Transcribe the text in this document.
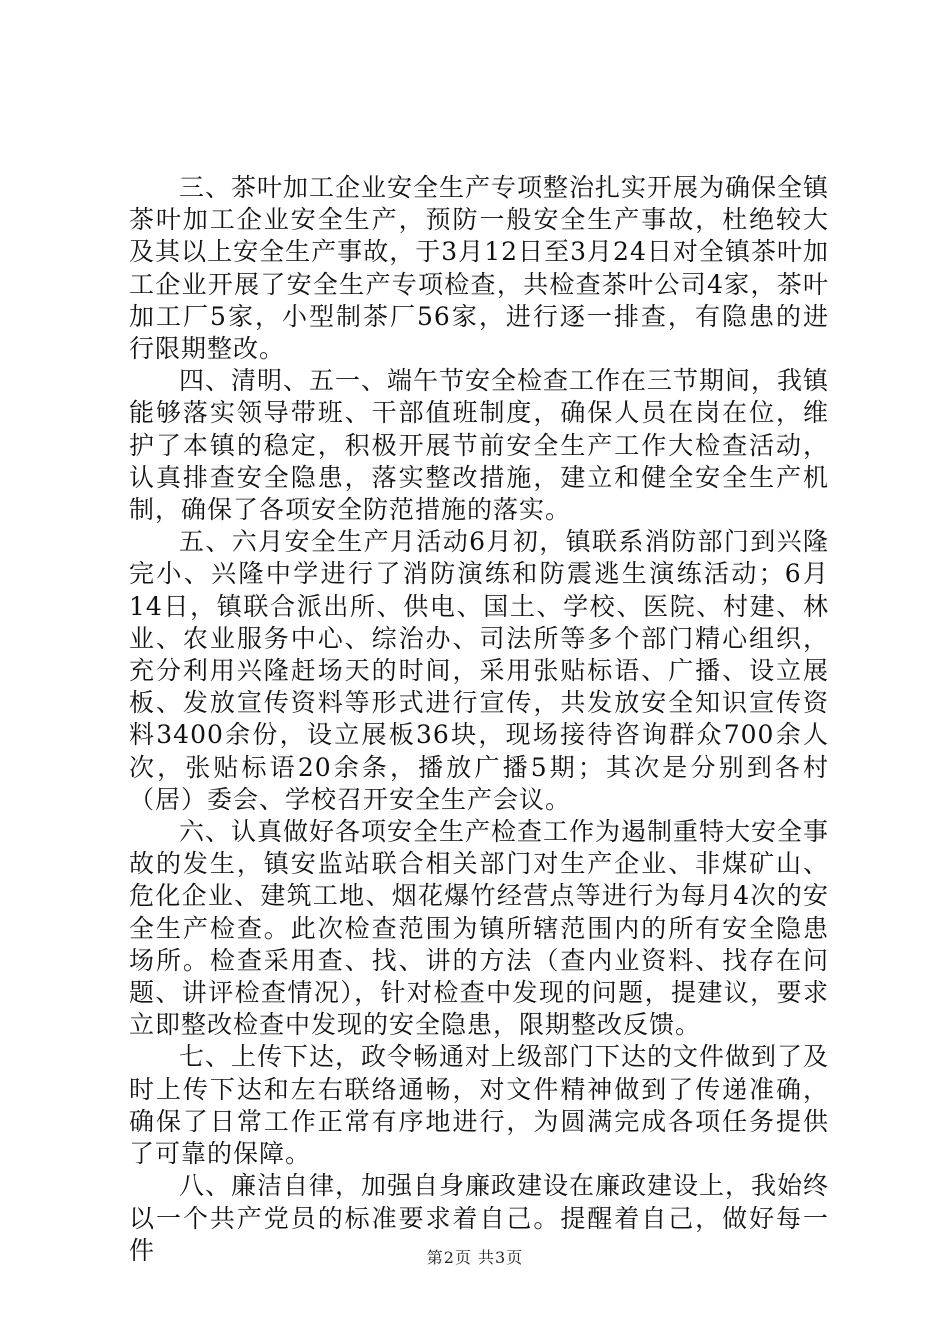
三、茶叶加工企业安全生产专项整治扎实开展为确保全镇茶叶加工企业安全生产，预防一般安全生产事故，杜绝较大及其以上安全生产事故，于3月12日至3月24日对全镇茶叶加工企业开展了安全生产专项检查，共检查茶叶公司4家，茶叶加工厂5家，小型制茶厂56家，进行逐一排查，有隐患的进行限期整改。

四、清明、五一、端午节安全检查工作在三节期间，我镇能够落实领导带班、干部值班制度，确保人员在岗在位，维护了本镇的稳定，积极开展节前安全生产工作大检查活动，认真排查安全隐患，落实整改措施，建立和健全安全生产机制，确保了各项安全防范措施的落实。

五、六月安全生产月活动6月初，镇联系消防部门到兴隆完小、兴隆中学进行了消防演练和防震逃生演练活动；6月14日，镇联合派出所、供电、国土、学校、医院、村建、林业、农业服务中心、综治办、司法所等多个部门精心组织，充分利用兴隆赶场天的时间，采用张贴标语、广播、设立展板、发放宣传资料等形式进行宣传，共发放安全知识宣传资料3400余份，设立展板36块，现场接待咨询群众700余人次，张贴标语20余条，播放广播5期；其次是分别到各村（居）委会、学校召开安全生产会议。

六、认真做好各项安全生产检查工作为遏制重特大安全事故的发生，镇安监站联合相关部门对生产企业、非煤矿山、危化企业、建筑工地、烟花爆竹经营点等进行为每月4次的安全生产检查。此次检查范围为镇所辖范围内的所有安全隐患场所。检查采用查、找、讲的方法（查内业资料、找存在问题、讲评检查情况），针对检查中发现的问题，提建议，要求立即整改检查中发现的安全隐患，限期整改反馈。

七、上传下达，政令畅通对上级部门下达的文件做到了及时上传下达和左右联络通畅，对文件精神做到了传递准确，确保了日常工作正常有序地进行，为圆满完成各项任务提供了可靠的保障。

八、廉洁自律，加强自身廉政建设在廉政建设上，我始终以一个共产党员的标准要求着自己。提醒着自己，做好每一件	第2页 共3页
